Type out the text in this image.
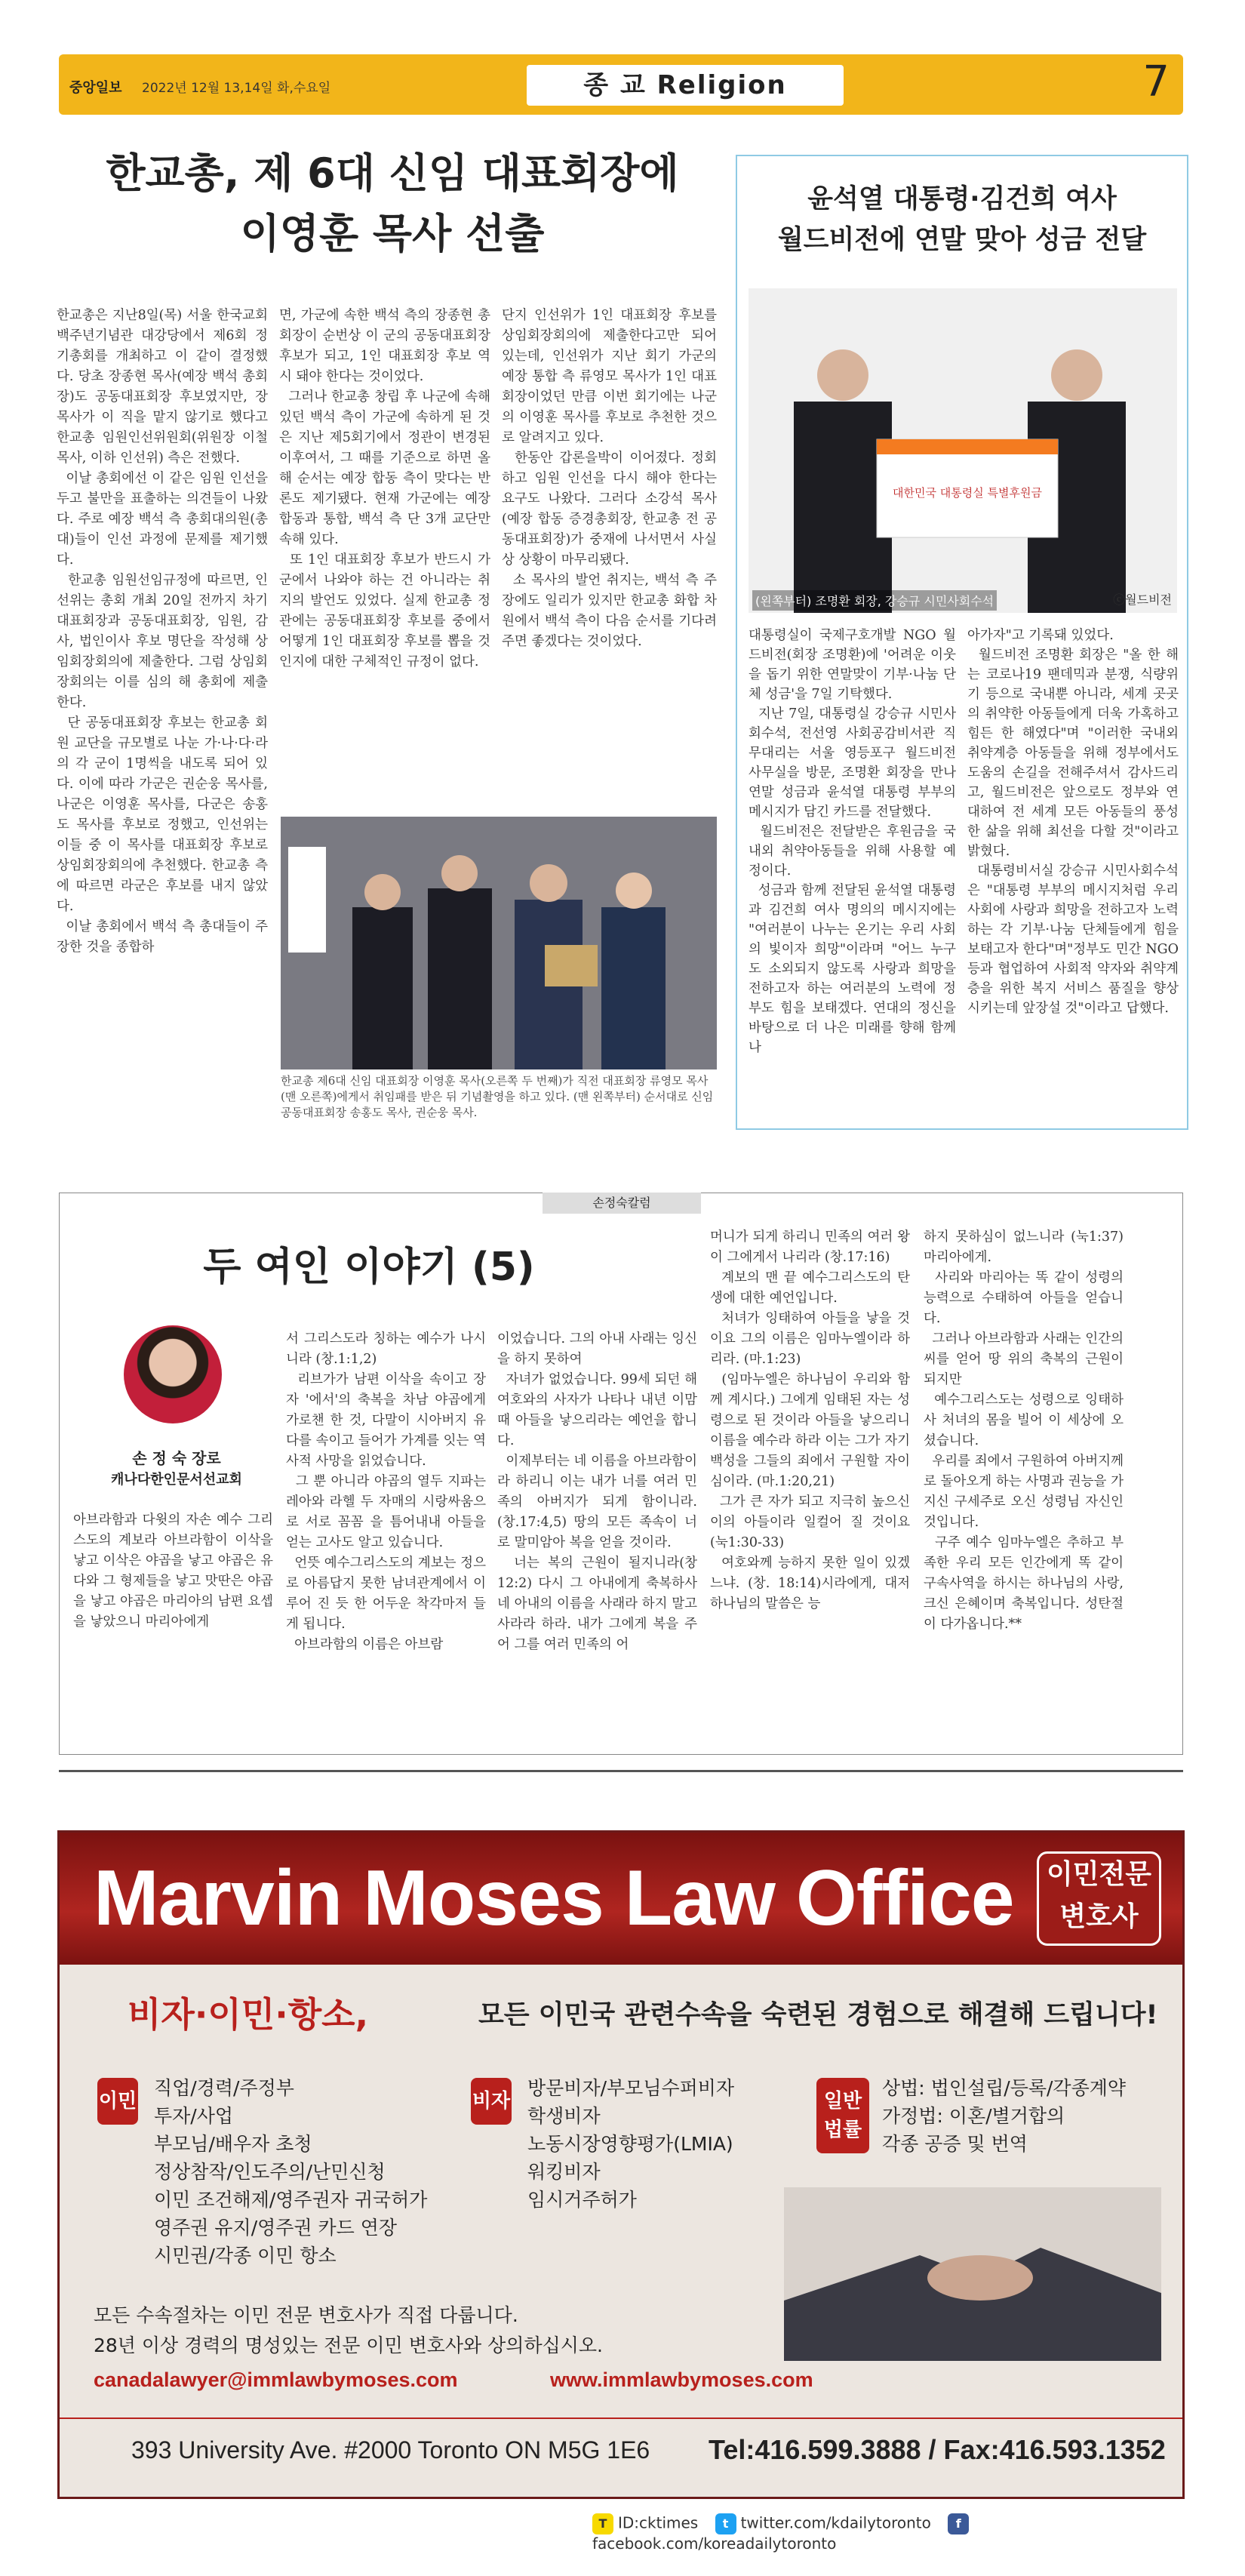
중앙일보 2022년 12월 13,14일 화,수요일	종 교 Religion	7
한교총, 제 6대 신임 대표회장에
이영훈 목사 선출
한교총은 지난8일(목) 서울 한국교회백주년기념관 대강당에서 제6회 정기총회를 개최하고 이 같이 결정했다. 당초 장종현 목사(예장 백석 총회장)도 공동대표회장 후보였지만, 장 목사가 이 직을 맡지 않기로 했다고 한교총 임원인선위원회(위원장 이철 목사, 이하 인선위) 측은 전했다.
이날 총회에선 이 같은 임원 인선을 두고 불만을 표출하는 의견들이 나왔다. 주로 예장 백석 측 총회대의원(총대)들이 인선 과정에 문제를 제기했다.
한교총 임원선임규정에 따르면, 인선위는 총회 개최 20일 전까지 차기 대표회장과 공동대표회장, 임원, 감사, 법인이사 후보 명단을 작성해 상임회장회의에 제출한다. 그럼 상임회장회의는 이를 심의 해 총회에 제출한다.
단 공동대표회장 후보는 한교총 회원 교단을 규모별로 나눈 가·나·다·라의 각 군이 1명씩을 내도록 되어 있다. 이에 따라 가군은 권순웅 목사를, 나군은 이영훈 목사를, 다군은 송홍도 목사를 후보로 정했고, 인선위는 이들 중 이 목사를 대표회장 후보로 상임회장회의에 추천했다. 한교총 측에 따르면 라군은 후보를 내지 않았다.
이날 총회에서 백석 측 총대들이 주장한 것을 종합하
면, 가군에 속한 백석 측의 장종현 총회장이 순번상 이 군의 공동대표회장 후보가 되고, 1인 대표회장 후보 역시 돼야 한다는 것이었다.
그러나 한교총 창립 후 나군에 속해 있던 백석 측이 가군에 속하게 된 것은 지난 제5회기에서 정관이 변경된 이후여서, 그 때를 기준으로 하면 올해 순서는 예장 합동 측이 맞다는 반론도 제기됐다. 현재 가군에는 예장 합동과 통합, 백석 측 단 3개 교단만 속해 있다.
또 1인 대표회장 후보가 반드시 가군에서 나와야 하는 건 아니라는 취지의 발언도 있었다. 실제 한교총 정관에는 공동대표회장 후보를 중에서 어떻게 1인 대표회장 후보를 뽑을 것인지에 대한 구체적인 규정이 없다.
단지 인선위가 1인 대표회장 후보를 상임회장회의에 제출한다고만 되어 있는데, 인선위가 지난 회기 가군의 예장 통합 측 류영모 목사가 1인 대표회장이었던 만큼 이번 회기에는 나군의 이영훈 목사를 후보로 추천한 것으로 알려지고 있다.
한동안 갑론을박이 이어졌다. 정회하고 임원 인선을 다시 해야 한다는 요구도 나왔다. 그러다 소강석 목사(예장 합동 증경총회장, 한교총 전 공동대표회장)가 중재에 나서면서 사실상 상황이 마무리됐다.
소 목사의 발언 취지는, 백석 측 주장에도 일리가 있지만 한교총 화합 차원에서 백석 측이 다음 순서를 기다려주면 좋겠다는 것이었다.
한교총 제6대 신임 대표회장 이영훈 목사(오른쪽 두 번째)가 직전 대표회장 류영모 목사(맨 오른쪽)에게서 취임패를 받은 뒤 기념촬영을 하고 있다. (맨 왼쪽부터) 순서대로 신임 공동대표회장 송홍도 목사, 권순웅 목사.
윤석열 대통령·김건희 여사
월드비전에 연말 맞아 성금 전달
대한민국 대통령실 특별후원금
(왼쪽부터) 조명환 회장, 강승규 시민사회수석	ⓒ월드비전
대통령실이 국제구호개발 NGO 월드비전(회장 조명환)에 '어려운 이웃을 돕기 위한 연말맞이 기부·나눔 단체 성금'을 7일 기탁했다.
지난 7일, 대통령실 강승규 시민사회수석, 전선영 사회공감비서관 직무대리는 서울 영등포구 월드비전 사무실을 방문, 조명환 회장을 만나 연말 성금과 윤석열 대통령 부부의 메시지가 담긴 카드를 전달했다.
월드비전은 전달받은 후원금을 국내외 취약아동들을 위해 사용할 예정이다.
성금과 함께 전달된 윤석열 대통령과 김건희 여사 명의의 메시지에는 "여러분이 나누는 온기는 우리 사회의 빛이자 희망"이라며 "어느 누구도 소외되지 않도록 사랑과 희망을 전하고자 하는 여러분의 노력에 정부도 힘을 보태겠다. 연대의 정신을 바탕으로 더 나은 미래를 향해 함께 나
아가자"고 기록돼 있었다.
월드비전 조명환 회장은 "올 한 해는 코로나19 팬데믹과 분쟁, 식량위기 등으로 국내뿐 아니라, 세계 곳곳의 취약한 아동들에게 더욱 가혹하고 힘든 한 해였다"며 "이러한 국내외 취약계층 아동들을 위해 정부에서도 도움의 손길을 전해주셔서 감사드리고, 월드비전은 앞으로도 정부와 연대하여 전 세계 모든 아동들의 풍성한 삶을 위해 최선을 다할 것"이라고 밝혔다.
대통령비서실 강승규 시민사회수석은 "대통령 부부의 메시지처럼 우리 사회에 사랑과 희망을 전하고자 노력하는 각 기부·나눔 단체들에게 힘을 보태고자 한다"며"정부도 민간 NGO 등과 협업하여 사회적 약자와 취약계층을 위한 복지 서비스 품질을 향상시키는데 앞장설 것"이라고 답했다.
손정숙칼럼
두 여인 이야기 (5)
손 정 숙 장로
캐나다한인문서선교회
아브라함과 다윗의 자손 예수 그리스도의 계보라 아브라함이 이삭을 낳고 이삭은 야곱을 낳고 야곱은 유다와 그 형제들을 낳고 맛딴은 야곱을 낳고 야곱은 마리아의 남편 요셉을 낳았으니 마리아에게
서 그리스도라 칭하는 예수가 나시니라 (창.1:1,2)
리브가가 남편 이삭을 속이고 장자 '에서'의 축복을 차남 야곱에게 가로챈 한 것, 다말이 시아버지 유다를 속이고 들어가 가계를 잇는 역사적 사망을 읽었습니다.
그 뿐 아니라 야곱의 열두 지파는 레아와 라헬 두 자매의 시랑싸움으로 서로 꼼꼼 을 틈어내내 아들을 얻는 고사도 알고 있습니다.
언뜻 예수그리스도의 계보는 정으로 아름답지 못한 남녀관계에서 이루어 진 듯 한 어두운 착각마저 들게 됩니다.
아브라함의 이름은 아브람
이었습니다. 그의 아내 사래는 잉신을 하지 못하여
자녀가 없었습니다. 99세 되던 해 여호와의 사자가 나타나 내년 이맘때 아들을 낳으리라는 예언을 합니다.
이제부터는 네 이름을 아브라함이라 하리니 이는 내가 너를 여러 민족의 아버지가 되게 함이니라. (창.17:4,5) 땅의 모든 족속이 너로 말미암아 복을 얻을 것이라.
너는 복의 근원이 될지니라(창 12:2) 다시 그 아내에게 축복하사 네 아내의 이름을 사래라 하지 말고 사라라 하라. 내가 그에게 복을 주어 그를 여러 민족의 어
머니가 되게 하리니 민족의 여러 왕이 그에게서 나리라 (창.17:16)
계보의 맨 끝 예수그리스도의 탄생에 대한 예언입니다.
처녀가 잉태하여 아들을 낳을 것이요 그의 이름은 임마누엘이라 하리라. (마.1:23)
(임마누엘은 하나님이 우리와 함께 계시다.) 그에게 임태된 자는 성령으로 된 것이라 아들을 낳으리니 이름을 예수라 하라 이는 그가 자기백성을 그들의 죄에서 구원할 자이심이라. (마.1:20,21)
그가 큰 자가 되고 지극히 높으신 이의 아들이라 일컬어 질 것이요(눅1:30-33)
여호와께 능하지 못한 일이 있겠느냐. (창. 18:14)시라에게, 대저 하나님의 말씀은 능
하지 못하심이 없느니라 (눅1:37)마리아에게.
사리와 마리아는 똑 같이 성령의 능력으로 수태하여 아들을 얻습니다.
그러나 아브라함과 사래는 인간의 씨를 얻어 땅 위의 축복의 근원이 되지만
예수그리스도는 성령으로 잉태하사 처녀의 몸을 빌어 이 세상에 오셨습니다.
우리를 죄에서 구원하여 아버지께로 돌아오게 하는 사명과 권능을 가지신 구세주로 오신 성령님 자신인 것입니다.
구주 예수 임마누엘은 추하고 부족한 우리 모든 인간에게 똑 같이 구속사역을 하시는 하나님의 사랑, 크신 은혜이며 축복입니다. 성탄절이 다가옵니다.**
Marvin Moses Law Office 이민전문
변호사
비자·이민·항소,	모든 이민국 관련수속을 숙련된 경험으로 해결해 드립니다!
이민
직업/경력/주정부
투자/사업
부모님/배우자 초청
정상참작/인도주의/난민신청
이민 조건해제/영주권자 귀국허가
영주권 유지/영주권 카드 연장
시민권/각종 이민 항소
비자	일반법률
방문비자/부모님수퍼비자
학생비자
노동시장영향평가(LMIA)
워킹비자
임시거주허가
상법: 법인설립/등록/각종계약
가정법: 이혼/별거합의
각종 공증 및 번역
모든 수속절차는 이민 전문 변호사가 직접 다룹니다.
28년 이상 경력의 명성있는 전문 이민 변호사와 상의하십시오.
canadalawyer@immlawbymoses.com	www.immlawbymoses.com
393 University Ave. #2000 Toronto ON M5G 1E6 Tel:416.599.3888 / Fax:416.593.1352
T ID:cktimes t twitter.com/kdailytoronto ffacebook.com/koreadailytoronto
